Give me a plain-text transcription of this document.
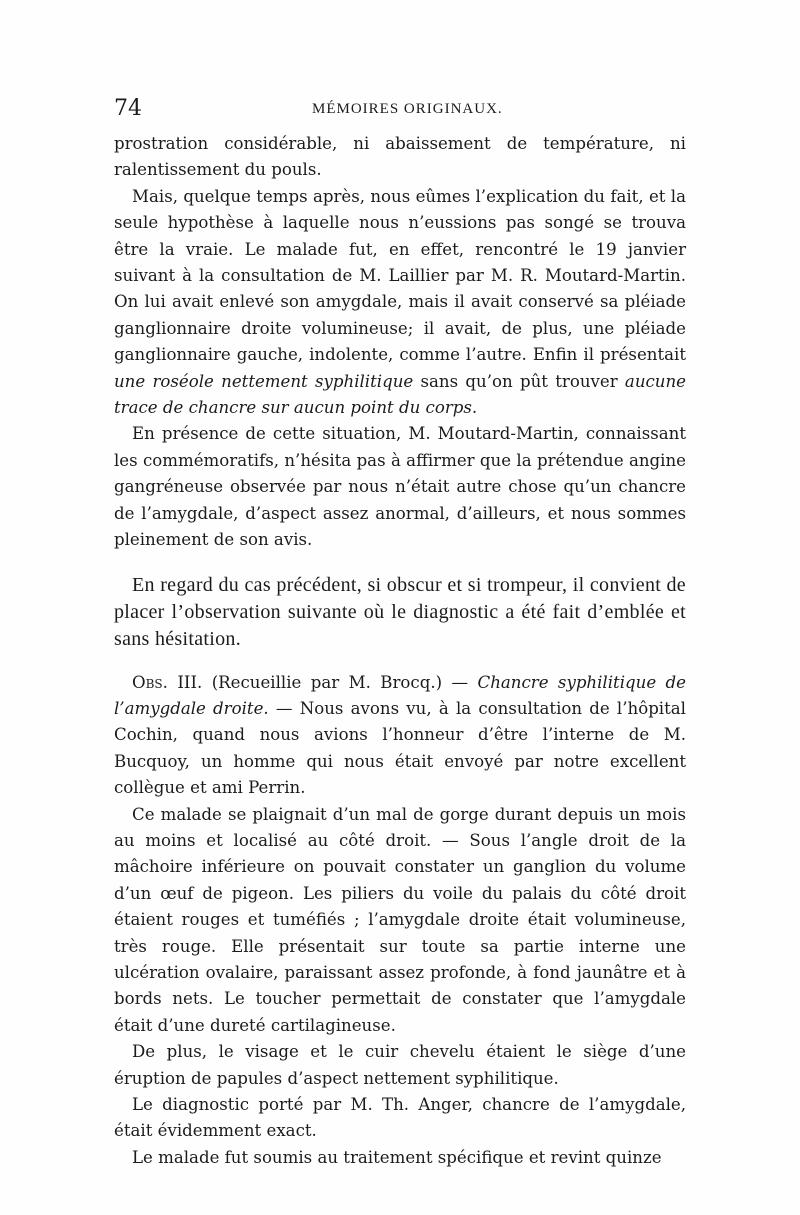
74	MÉMOIRES ORIGINAUX.

prostration considérable, ni abaissement de température, ni ralentissement du pouls.

Mais, quelque temps après, nous eûmes l’explication du fait, et la seule hypothèse à laquelle nous n’eussions pas songé se trouva être la vraie. Le malade fut, en effet, rencontré le 19 janvier suivant à la consultation de M. Laillier par M. R. Moutard-Martin. On lui avait enlevé son amygdale, mais il avait conservé sa pléiade ganglionnaire droite volumineuse; il avait, de plus, une pléiade ganglionnaire gauche, indolente, comme l’autre. Enfin il présentait une roséole nettement syphilitique sans qu’on pût trouver aucune trace de chancre sur aucun point du corps.

En présence de cette situation, M. Moutard-Martin, connaissant les commémoratifs, n’hésita pas à affirmer que la prétendue angine gangréneuse observée par nous n’était autre chose qu’un chancre de l’amygdale, d’aspect assez anormal, d’ailleurs, et nous sommes pleinement de son avis.

En regard du cas précédent, si obscur et si trompeur, il convient de placer l’observation suivante où le diagnostic a été fait d’emblée et sans hésitation.

Obs. III. (Recueillie par M. Brocq.) — Chancre syphilitique de l’amygdale droite. — Nous avons vu, à la consultation de l’hôpital Cochin, quand nous avions l’honneur d’être l’interne de M. Bucquoy, un homme qui nous était envoyé par notre excellent collègue et ami Perrin.

Ce malade se plaignait d’un mal de gorge durant depuis un mois au moins et localisé au côté droit. — Sous l’angle droit de la mâchoire inférieure on pouvait constater un ganglion du volume d’un œuf de pigeon. Les piliers du voile du palais du côté droit étaient rouges et tuméfiés ; l’amygdale droite était volumineuse, très rouge. Elle présentait sur toute sa partie interne une ulcération ovalaire, paraissant assez profonde, à fond jaunâtre et à bords nets. Le toucher permettait de constater que l’amygdale était d’une dureté cartilagineuse.

De plus, le visage et le cuir chevelu étaient le siège d’une éruption de papules d’aspect nettement syphilitique.

Le diagnostic porté par M. Th. Anger, chancre de l’amygdale, était évidemment exact.

Le malade fut soumis au traitement spécifique et revint quinze
